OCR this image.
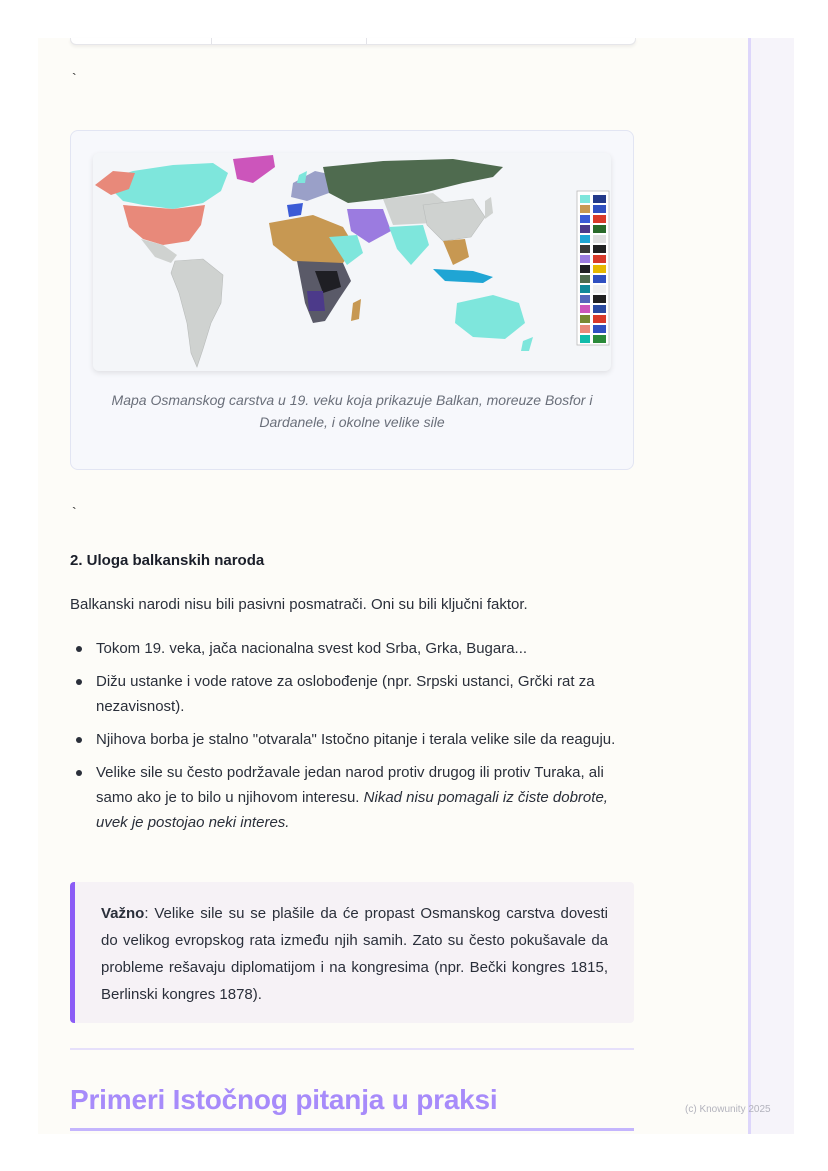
`
Mapa Osmanskog carstva u 19. veku koja prikazuje Balkan, moreuze Bosfor i Dardanele, i okolne velike sile
`
2. Uloga balkanskih naroda
Balkanski narodi nisu bili pasivni posmatrači. Oni su bili ključni faktor.
Tokom 19. veka, jača nacionalna svest kod Srba, Grka, Bugara...
Dižu ustanke i vode ratove za oslobođenje (npr. Srpski ustanci, Grčki rat za nezavisnost).
Njihova borba je stalno "otvarala" Istočno pitanje i terala velike sile da reaguju.
Velike sile su često podržavale jedan narod protiv drugog ili protiv Turaka, ali samo ako je to bilo u njihovom interesu. Nikad nisu pomagali iz čiste dobrote, uvek je postojao neki interes.

Važno: Velike sile su se plašile da će propast Osmanskog carstva dovesti do velikog evropskog rata između njih samih. Zato su često pokušavale da probleme rešavaju diplomatijom i na kongresima (npr. Bečki kongres 1815, Berlinski kongres 1878).

Primeri Istočnog pitanja u praksi	(c) Knowunity 2025
